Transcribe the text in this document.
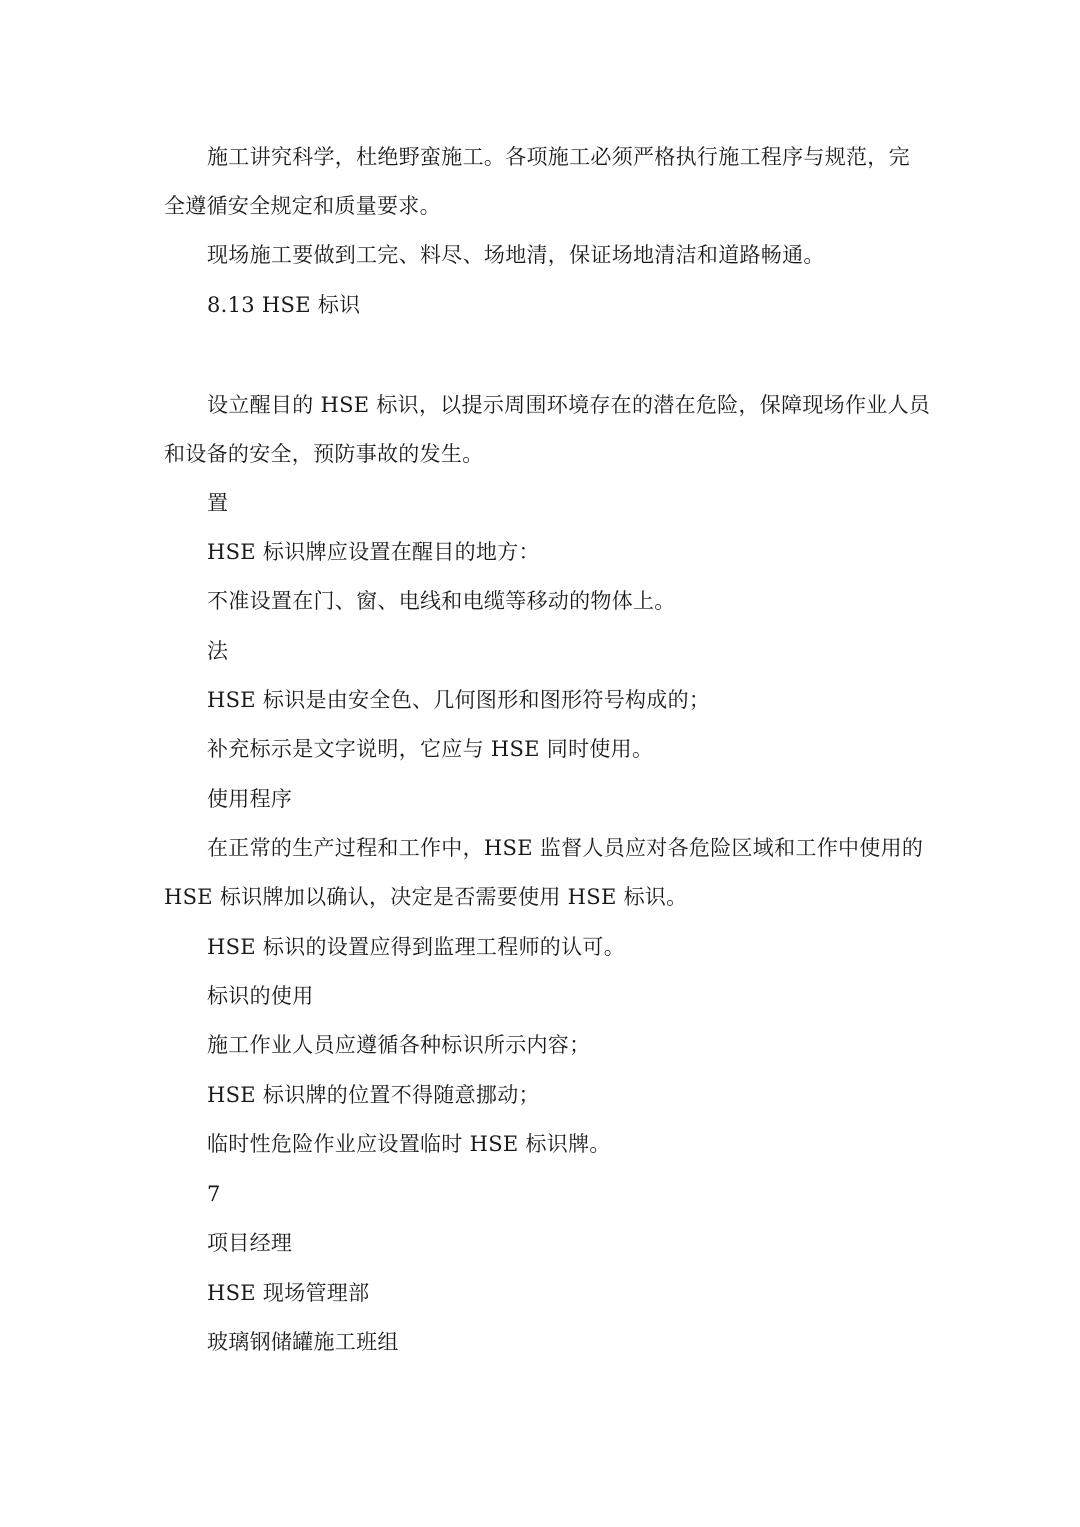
施工讲究科学，杜绝野蛮施工。各项施工必须严格执行施工程序与规范，完
全遵循安全规定和质量要求。
现场施工要做到工完、料尽、场地清，保证场地清洁和道路畅通。
8.13 HSE 标识
设立醒目的 HSE 标识，以提示周围环境存在的潜在危险，保障现场作业人员
和设备的安全，预防事故的发生。
置
HSE 标识牌应设置在醒目的地方：
不准设置在门、窗、电线和电缆等移动的物体上。
法
HSE 标识是由安全色、几何图形和图形符号构成的；
补充标示是文字说明，它应与 HSE 同时使用。
使用程序
在正常的生产过程和工作中，HSE 监督人员应对各危险区域和工作中使用的
HSE 标识牌加以确认，决定是否需要使用 HSE 标识。
HSE 标识的设置应得到监理工程师的认可。
标识的使用
施工作业人员应遵循各种标识所示内容；
HSE 标识牌的位置不得随意挪动；
临时性危险作业应设置临时 HSE 标识牌。
7
项目经理
HSE 现场管理部
玻璃钢储罐施工班组
